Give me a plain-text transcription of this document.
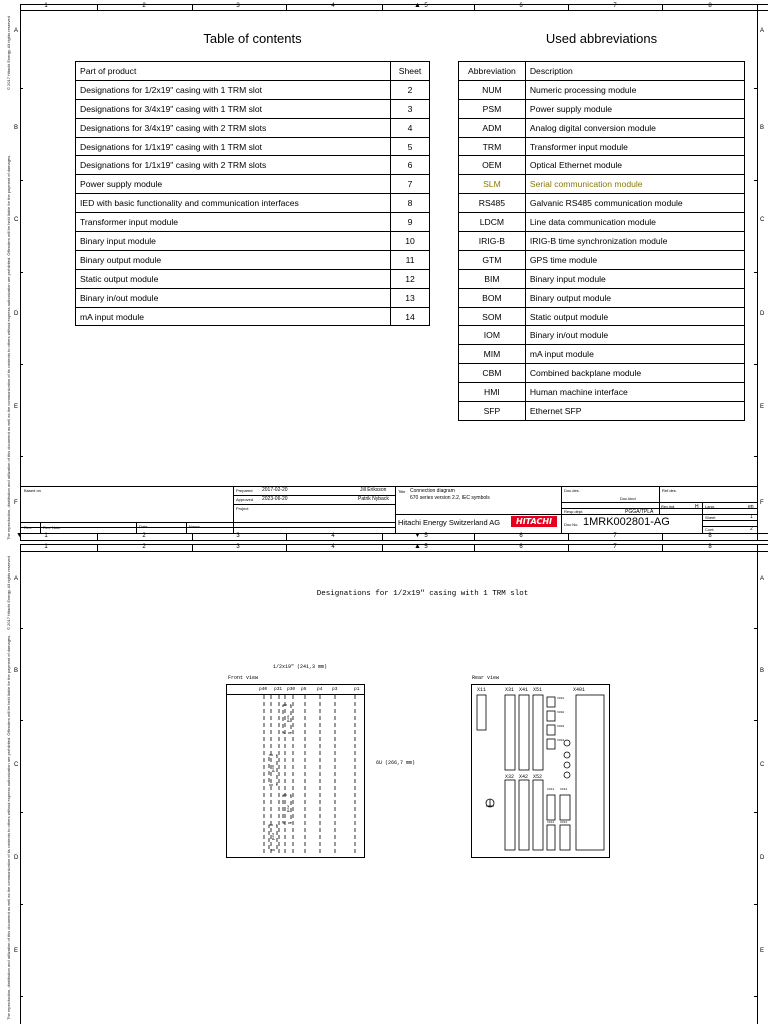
1	2	3	4	5	6	7	8
▲
1	2	3	4	5	6	7	8
▼	▼
A
B
C
D
E
F
A
B
C
D
E
F
© 2017 Hitachi Energy. All rights reserved
The reproduction, distribution and utilization of this document as well as the communication of its contents to others without express authorization are prohibited. Offenders will be held liable for the payment of damages.
© 2017 Hitachi Energy. All rights reserved
The reproduction, distribution and utilization of this document as well as the communication of its contents to others without express authorization are prohibited. Offenders will be held liable for the payment of damages.
Table of contents
Part of product	Sheet
Designations for 1/2x19" casing with 1 TRM slot	2
Designations for 3/4x19" casing with 1 TRM slot	3
Designations for 3/4x19" casing with 2 TRM slots	4
Designations for 1/1x19" casing with 1 TRM slot	5
Designations for 1/1x19" casing with 2 TRM slots	6
Power supply module	7
IED with basic functionality and communication interfaces	8
Transformer input module	9
Binary input module	10
Binary output module	11
Static output module	12
Binary in/out module	13
mA input module	14
Used abbreviations
Abbreviation	Description
NUM	Numeric processing module
PSM	Power supply module
ADM	Analog digital conversion module
TRM	Transformer input module
OEM	Optical Ethernet module
SLM	Serial communication module
RS485	Galvanic RS485 communication module
LDCM	Line data communication module
IRIG-B	IRIG-B time synchronization module
GTM	GPS time module
BIM	Binary input module
BOM	Binary output module
SOM	Static output module
IOM	Binary in/out module
MIM	mA input module
CBM	Combined backplane module
HMI	Human machine interface
SFP	Ethernet SFP
Based on	Prepared 2017-02-20	Jill Eriksson
Approved 2023-06-20	Patrik Nyback
Project
Rev.	Rev. Note	Date	Name
Title Connection diagram
670 series version 2.2, IEC symbols
Hitachi Energy Switzerland AG	HITACHI
Doc.des.
Doc.kind
Ref.des.
Resp.dept.	PGGA/TPLA
Rev.ind.	H Lang.	en
Doc.No. 1MRK002801-AG	Sheet	1
Cont.	2
1	2	3	4	5	6	7	8
▲
A
B
C
D
E
A
B
C
D
E
Designations for 1/2x19" casing with 1 TRM slot
1/2x19" (241,3 mm)
Front view	Rear view
6U (266,7 mm)
p40 p31 p30 p5 p4 p3	p1
p31
p30
p33
p32
X11	X31 X41 X51	X401
X32 X42 X52
X301
X302
X303
X304
X311 X312
X313 X314
